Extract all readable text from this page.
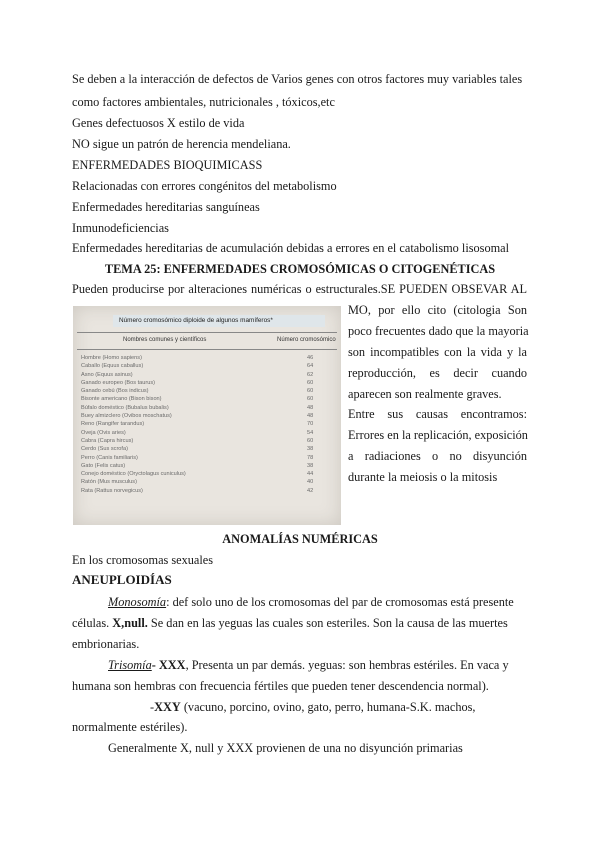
Se deben a la interacción de defectos de Varios genes con otros factores muy variables tales
como factores ambientales, nutricionales , tóxicos,etc
Genes defectuosos X estilo de vida
NO sigue un patrón de herencia mendeliana.
ENFERMEDADES BIOQUIMICASS
Relacionadas con errores congénitos del metabolismo
Enfermedades hereditarias sanguíneas
Inmunodeficiencias
Enfermedades hereditarias de acumulación debidas a errores en el catabolismo lisosomal
TEMA 25: ENFERMEDADES CROMOSÓMICAS O CITOGENÉTICAS
Pueden producirse por alteraciones numéricas o estructurales.SE PUEDEN OBSEVAR AL
Número cromosómico diploide de algunos mamíferos*
Nombres comunes y científicos	Número cromosómico
Hombre (Homo sapiens)	46
Caballo (Equus caballus)	64
Asno (Equus asinus)	62
Ganado europeo (Bos taurus)	60
Ganado cebú (Bos indicus)	60
Bisonte americano (Bison bison)	60
Búfalo doméstico (Bubalus bubalis)	48
Buey almizclero (Ovibos moschatus)	48
Reno (Rangifer tarandus)	70
Oveja (Ovis aries)	54
Cabra (Capra hircus)	60
Cerdo (Sus scrofa)	38
Perro (Canis familiaris)	78
Gato (Felis catus)	38
Conejo doméstico (Oryctolagus cuniculus)	44
Ratón (Mus musculus)	40
Rata (Rattus norvegicus)	42
MO, por ello cito (citologia Son
poco frecuentes dado que la mayoria
son incompatibles con la vida y la
reproducción, es decir cuando
aparecen son realmente graves.
Entre sus causas encontramos:
Errores en la replicación, exposición
a radiaciones o no disyunción
durante la meiosis o la mitosis
ANOMALÍAS NUMÉRICAS
En los cromosomas sexuales
ANEUPLOIDÍAS
Monosomía: def solo uno de los cromosomas del par de cromosomas está presente
células. X,null. Se dan en las yeguas las cuales son esteriles. Son la causa de las muertes
embrionarias.
Trisomía- XXX, Presenta un par demás. yeguas: son hembras estériles. En vaca y
humana son hembras con frecuencia fértiles que pueden tener descendencia normal).
-XXY (vacuno, porcino, ovino, gato, perro, humana-S.K. machos,
normalmente estériles).
Generalmente X, null y XXX provienen de una no disyunción primarias
